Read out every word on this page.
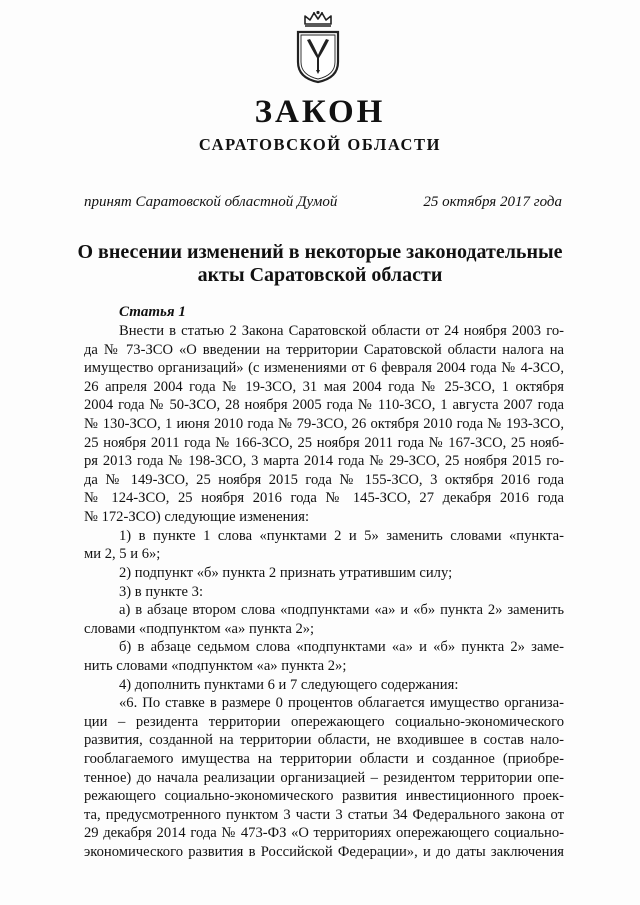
ЗАКОН
САРАТОВСКОЙ ОБЛАСТИ
принят Саратовской областной Думой	25 октября 2017 года
О внесении изменений в некоторые законодательные
акты Саратовской области
Статья 1
Внести в статью 2 Закона Саратовской области от 24 ноября 2003 го-
да № 73-ЗСО «О введении на территории Саратовской области налога на
имущество организаций» (с изменениями от 6 февраля 2004 года № 4-ЗСО,
26 апреля 2004 года № 19-ЗСО, 31 мая 2004 года № 25-ЗСО, 1 октября
2004 года № 50-ЗСО, 28 ноября 2005 года № 110-ЗСО, 1 августа 2007 года
№ 130-ЗСО, 1 июня 2010 года № 79-ЗСО, 26 октября 2010 года № 193-ЗСО,
25 ноября 2011 года № 166-ЗСО, 25 ноября 2011 года № 167-ЗСО, 25 нояб-
ря 2013 года № 198-ЗСО, 3 марта 2014 года № 29-ЗСО, 25 ноября 2015 го-
да № 149-ЗСО, 25 ноября 2015 года № 155-ЗСО, 3 октября 2016 года
№ 124-ЗСО, 25 ноября 2016 года № 145-ЗСО, 27 декабря 2016 года
№ 172-ЗСО) следующие изменения:
1) в пункте 1 слова «пунктами 2 и 5» заменить словами «пункта-
ми 2, 5 и 6»;
2) подпункт «б» пункта 2 признать утратившим силу;
3) в пункте 3:
а) в абзаце втором слова «подпунктами «а» и «б» пункта 2» заменить
словами «подпунктом «а» пункта 2»;
б) в абзаце седьмом слова «подпунктами «а» и «б» пункта 2» заме-
нить словами «подпунктом «а» пункта 2»;
4) дополнить пунктами 6 и 7 следующего содержания:
«6. По ставке в размере 0 процентов облагается имущество организа-
ции – резидента территории опережающего социально-экономического
развития, созданной на территории области, не входившее в состав нало-
гооблагаемого имущества на территории области и созданное (приобре-
тенное) до начала реализации организацией – резидентом территории опе-
режающего социально-экономического развития инвестиционного проек-
та, предусмотренного пунктом 3 части 3 статьи 34 Федерального закона от
29 декабря 2014 года № 473-ФЗ «О территориях опережающего социально-
экономического развития в Российской Федерации», и до даты заключения
